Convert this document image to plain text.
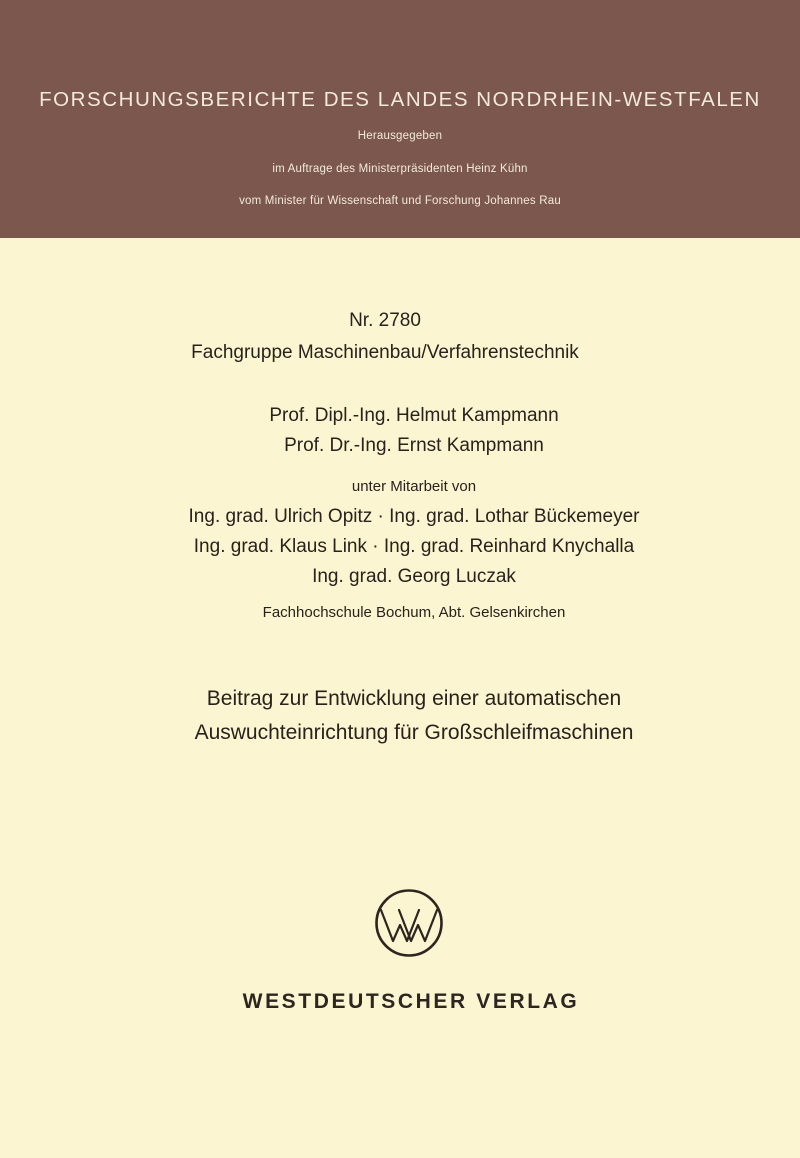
FORSCHUNGSBERICHTE DES LANDES NORDRHEIN-WESTFALEN
Herausgegeben
im Auftrage des Ministerpräsidenten Heinz Kühn
vom Minister für Wissenschaft und Forschung Johannes Rau
Nr. 2780
Fachgruppe Maschinenbau/Verfahrenstechnik
Prof. Dipl.-Ing. Helmut Kampmann
Prof. Dr.-Ing. Ernst Kampmann
unter Mitarbeit von
Ing. grad. Ulrich Opitz · Ing. grad. Lothar Bückemeyer
Ing. grad. Klaus Link · Ing. grad. Reinhard Knychalla
Ing. grad. Georg Luczak
Fachhochschule Bochum, Abt. Gelsenkirchen
Beitrag zur Entwicklung einer automatischen
Auswuchteinrichtung für Großschleifmaschinen
WESTDEUTSCHER VERLAG
